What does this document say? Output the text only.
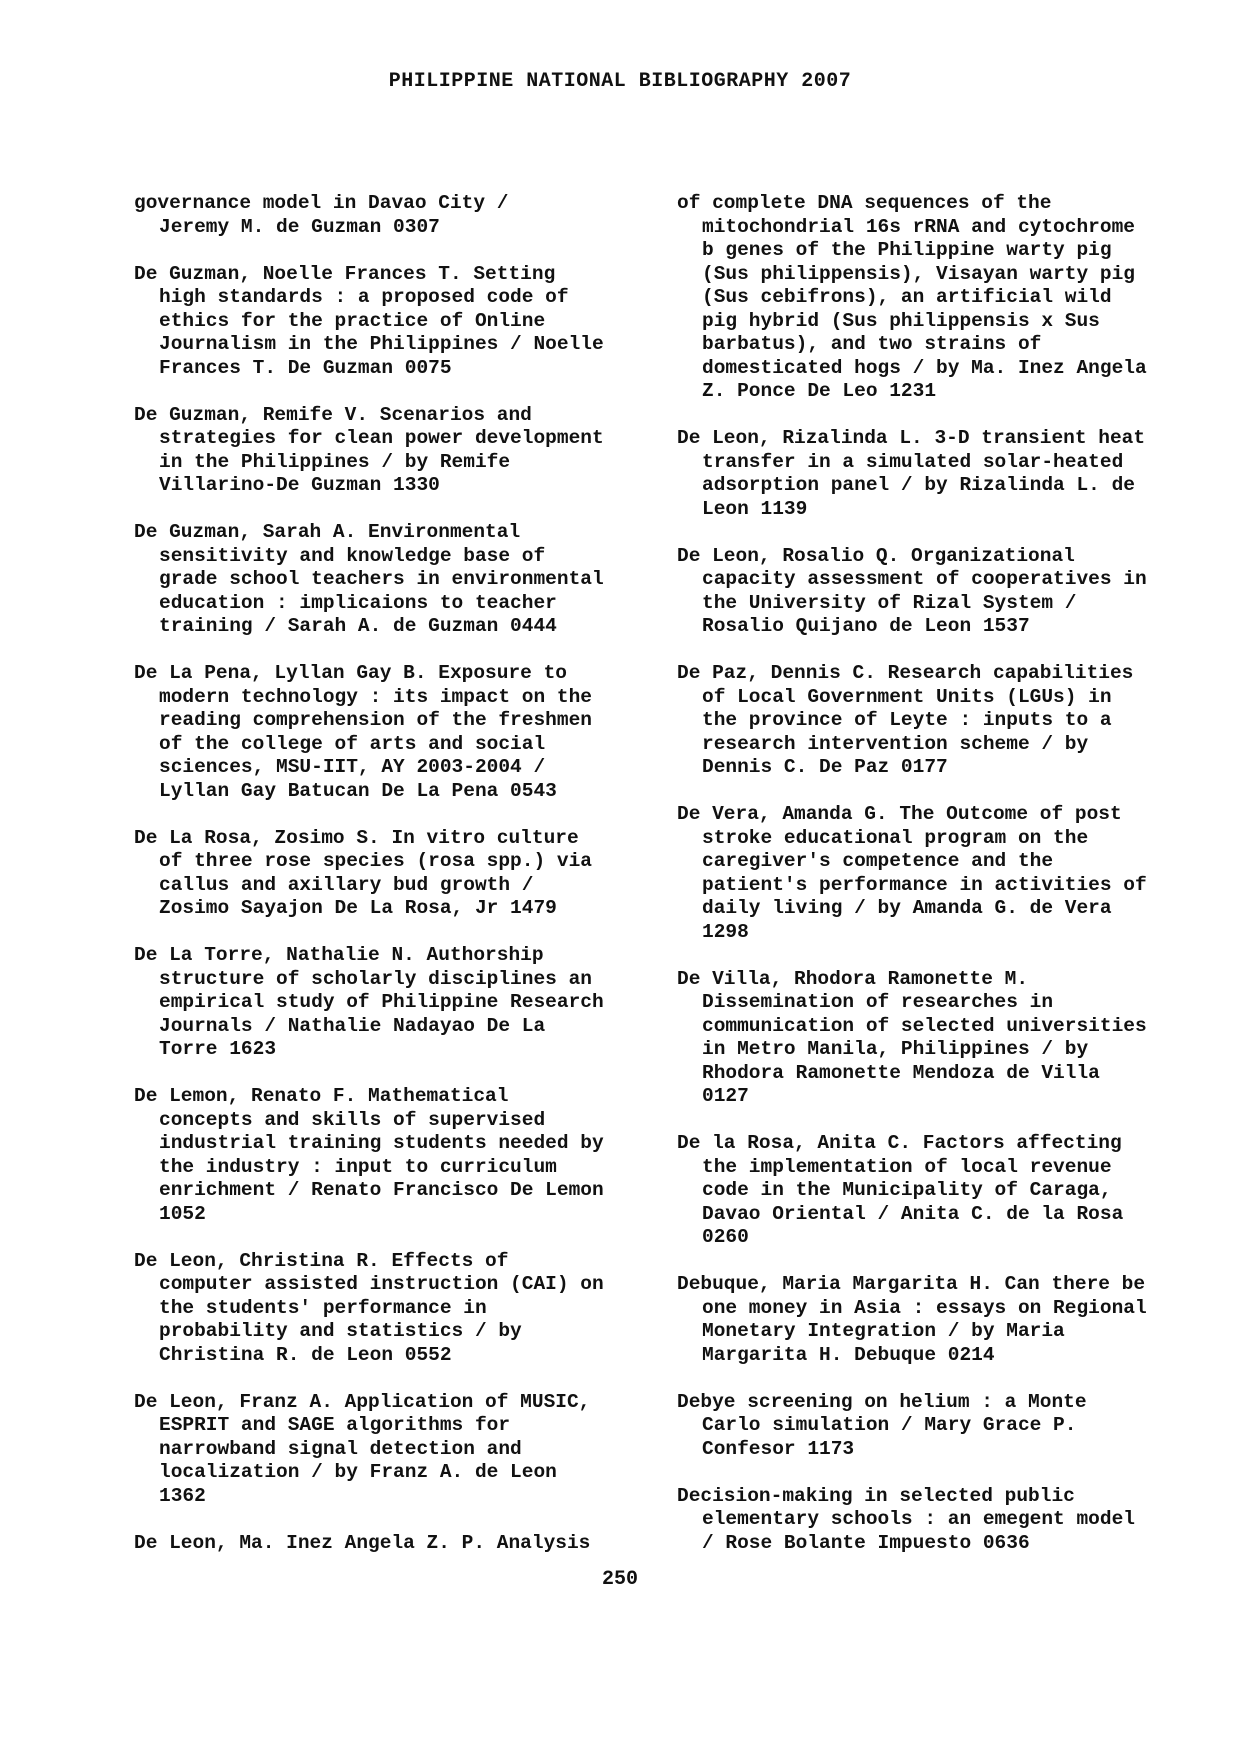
PHILIPPINE NATIONAL BIBLIOGRAPHY 2007

governance model in Davao City /
Jeremy M. de Guzman 0307

De Guzman, Noelle Frances T. Setting
high standards : a proposed code of
ethics for the practice of Online
Journalism in the Philippines / Noelle
Frances T. De Guzman 0075

De Guzman, Remife V. Scenarios and
strategies for clean power development
in the Philippines / by Remife
Villarino-De Guzman 1330

De Guzman, Sarah A. Environmental
sensitivity and knowledge base of
grade school teachers in environmental
education : implicaions to teacher
training / Sarah A. de Guzman 0444

De La Pena, Lyllan Gay B. Exposure to
modern technology : its impact on the
reading comprehension of the freshmen
of the college of arts and social
sciences, MSU-IIT, AY 2003-2004 /
Lyllan Gay Batucan De La Pena 0543

De La Rosa, Zosimo S. In vitro culture
of three rose species (rosa spp.) via
callus and axillary bud growth /
Zosimo Sayajon De La Rosa, Jr 1479

De La Torre, Nathalie N. Authorship
structure of scholarly disciplines an
empirical study of Philippine Research
Journals / Nathalie Nadayao De La
Torre 1623

De Lemon, Renato F. Mathematical
concepts and skills of supervised
industrial training students needed by
the industry : input to curriculum
enrichment / Renato Francisco De Lemon
1052

De Leon, Christina R. Effects of
computer assisted instruction (CAI) on
the students' performance in
probability and statistics / by
Christina R. de Leon 0552

De Leon, Franz A. Application of MUSIC,
ESPRIT and SAGE algorithms for
narrowband signal detection and
localization / by Franz A. de Leon
1362

De Leon, Ma. Inez Angela Z. P. Analysis

of complete DNA sequences of the
mitochondrial 16s rRNA and cytochrome
b genes of the Philippine warty pig
(Sus philippensis), Visayan warty pig
(Sus cebifrons), an artificial wild
pig hybrid (Sus philippensis x Sus
barbatus), and two strains of
domesticated hogs / by Ma. Inez Angela
Z. Ponce De Leo 1231

De Leon, Rizalinda L. 3-D transient heat
transfer in a simulated solar-heated
adsorption panel / by Rizalinda L. de
Leon 1139

De Leon, Rosalio Q. Organizational
capacity assessment of cooperatives in
the University of Rizal System /
Rosalio Quijano de Leon 1537

De Paz, Dennis C. Research capabilities
of Local Government Units (LGUs) in
the province of Leyte : inputs to a
research intervention scheme / by
Dennis C. De Paz 0177

De Vera, Amanda G. The Outcome of post
stroke educational program on the
caregiver's competence and the
patient's performance in activities of
daily living / by Amanda G. de Vera
1298

De Villa, Rhodora Ramonette M.
Dissemination of researches in
communication of selected universities
in Metro Manila, Philippines / by
Rhodora Ramonette Mendoza de Villa
0127

De la Rosa, Anita C. Factors affecting
the implementation of local revenue
code in the Municipality of Caraga,
Davao Oriental / Anita C. de la Rosa
0260

Debuque, Maria Margarita H. Can there be
one money in Asia : essays on Regional
Monetary Integration / by Maria
Margarita H. Debuque 0214

Debye screening on helium : a Monte
Carlo simulation / Mary Grace P.
Confesor 1173

Decision-making in selected public
elementary schools : an emegent model
/ Rose Bolante Impuesto 0636

250
